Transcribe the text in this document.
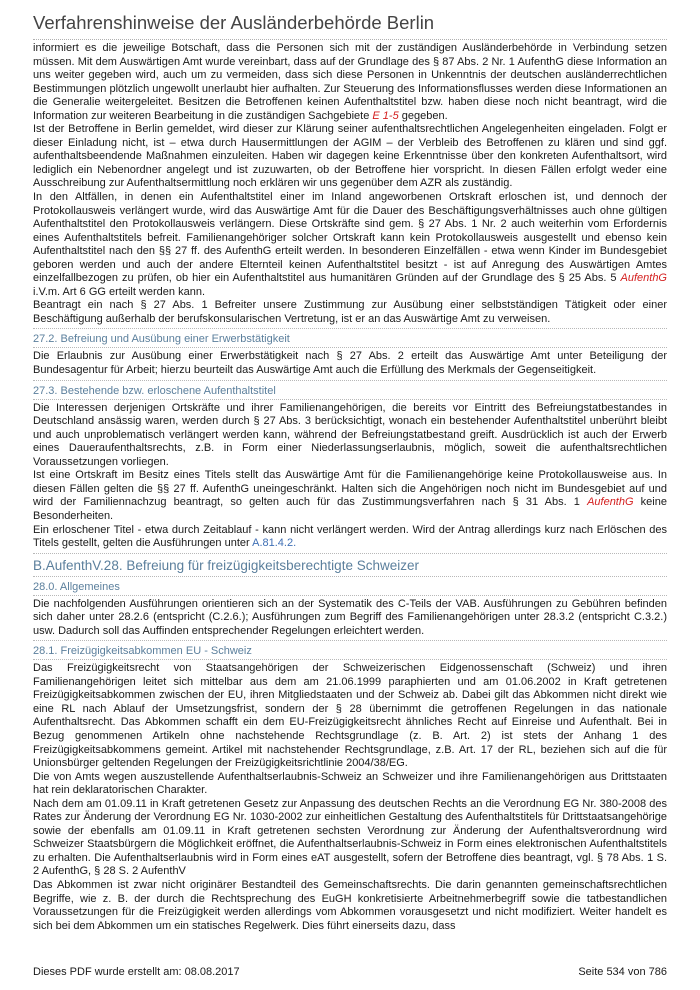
Verfahrenshinweise der Ausländerbehörde Berlin

informiert es die jeweilige Botschaft, dass die Personen sich mit der zuständigen Ausländerbehörde in Verbindung setzen müssen. Mit dem Auswärtigen Amt wurde vereinbart, dass auf der Grundlage des § 87 Abs. 2 Nr. 1 AufenthG diese Information an uns weiter gegeben wird, auch um zu vermeiden, dass sich diese Personen in Unkenntnis der deutschen ausländerrechtlichen Bestimmungen plötzlich ungewollt unerlaubt hier aufhalten. Zur Steuerung des Informationsflusses werden diese Informationen an die Generalie weitergeleitet. Besitzen die Betroffenen keinen Aufenthaltstitel bzw. haben diese noch nicht beantragt, wird die Information zur weiteren Bearbeitung in die zuständigen Sachgebiete E 1-5 gegeben.

Ist der Betroffene in Berlin gemeldet, wird dieser zur Klärung seiner aufenthaltsrechtlichen Angelegenheiten eingeladen. Folgt er dieser Einladung nicht, ist – etwa durch Hausermittlungen der AGIM – der Verbleib des Betroffenen zu klären und sind ggf. aufenthaltsbeendende Maßnahmen einzuleiten. Haben wir dagegen keine Erkenntnisse über den konkreten Aufenthaltsort, wird lediglich ein Nebenordner angelegt und ist zuzuwarten, ob der Betroffene hier vorspricht. In diesen Fällen erfolgt weder eine Ausschreibung zur Aufenthaltsermittlung noch erklären wir uns gegenüber dem AZR als zuständig.

In den Altfällen, in denen ein Aufenthaltstitel einer im Inland angeworbenen Ortskraft erloschen ist, und dennoch der Protokollausweis verlängert wurde, wird das Auswärtige Amt für die Dauer des Beschäftigungsverhältnisses auch ohne gültigen Aufenthaltstitel den Protokollausweis verlängern. Diese Ortskräfte sind gem. § 27 Abs. 1 Nr. 2 auch weiterhin vom Erfordernis eines Aufenthaltstitels befreit. Familienangehöriger solcher Ortskraft kann kein Protokollausweis ausgestellt und ebenso kein Aufenthaltstitel nach den §§ 27 ff. des AufenthG erteilt werden. In besonderen Einzelfällen - etwa wenn Kinder im Bundesgebiet geboren werden und auch der andere Elternteil keinen Aufenthaltstitel besitzt - ist auf Anregung des Auswärtigen Amtes einzelfallbezogen zu prüfen, ob hier ein Aufenthaltstitel aus humanitären Gründen auf der Grundlage des § 25 Abs. 5 AufenthG i.V.m. Art 6 GG erteilt werden kann.

Beantragt ein nach § 27 Abs. 1 Befreiter unsere Zustimmung zur Ausübung einer selbstständigen Tätigkeit oder einer Beschäftigung außerhalb der berufskonsularischen Vertretung, ist er an das Auswärtige Amt zu verweisen.

27.2. Befreiung und Ausübung einer Erwerbstätigkeit

Die Erlaubnis zur Ausübung einer Erwerbstätigkeit nach § 27 Abs. 2 erteilt das Auswärtige Amt unter Beteiligung der Bundesagentur für Arbeit; hierzu beurteilt das Auswärtige Amt auch die Erfüllung des Merkmals der Gegenseitigkeit.

27.3. Bestehende bzw. erloschene Aufenthaltstitel

Die Interessen derjenigen Ortskräfte und ihrer Familienangehörigen, die bereits vor Eintritt des Befreiungstatbestandes in Deutschland ansässig waren, werden durch § 27 Abs. 3 berücksichtigt, wonach ein bestehender Aufenthaltstitel unberührt bleibt und auch unproblematisch verlängert werden kann, während der Befreiungstatbestand greift. Ausdrücklich ist auch der Erwerb eines Daueraufenthaltsrechts, z.B. in Form einer Niederlassungserlaubnis, möglich, soweit die aufenthaltsrechtlichen Voraussetzungen vorliegen.

Ist eine Ortskraft im Besitz eines Titels stellt das Auswärtige Amt für die Familienangehörige keine Protokollausweise aus. In diesen Fällen gelten die §§ 27 ff. AufenthG uneingeschränkt. Halten sich die Angehörigen noch nicht im Bundesgebiet auf und wird der Familiennachzug beantragt, so gelten auch für das Zustimmungsverfahren nach § 31 Abs. 1 AufenthG keine Besonderheiten.

Ein erloschener Titel - etwa durch Zeitablauf - kann nicht verlängert werden. Wird der Antrag allerdings kurz nach Erlöschen des Titels gestellt, gelten die Ausführungen unter A.81.4.2.

B.AufenthV.28. Befreiung für freizügigkeitsberechtigte Schweizer
28.0. Allgemeines

Die nachfolgenden Ausführungen orientieren sich an der Systematik des C-Teils der VAB. Ausführungen zu Gebühren befinden sich daher unter 28.2.6 (entspricht (C.2.6.); Ausführungen zum Begriff des Familienangehörigen unter 28.3.2 (entspricht C.3.2.) usw. Dadurch soll das Auffinden entsprechender Regelungen erleichtert werden.

28.1. Freizügigkeitsabkommen EU - Schweiz

Das Freizügigkeitsrecht von Staatsangehörigen der Schweizerischen Eidgenossenschaft (Schweiz) und ihren Familienangehörigen leitet sich mittelbar aus dem am 21.06.1999 paraphierten und am 01.06.2002 in Kraft getretenen Freizügigkeitsabkommen zwischen der EU, ihren Mitgliedstaaten und der Schweiz ab. Dabei gilt das Abkommen nicht direkt wie eine RL nach Ablauf der Umsetzungsfrist, sondern der § 28 übernimmt die getroffenen Regelungen in das nationale Aufenthaltsrecht. Das Abkommen schafft ein dem EU-Freizügigkeitsrecht ähnliches Recht auf Einreise und Aufenthalt. Bei in Bezug genommenen Artikeln ohne nachstehende Rechtsgrundlage (z. B. Art. 2) ist stets der Anhang 1 des Freizügigkeitsabkommens gemeint. Artikel mit nachstehender Rechtsgrundlage, z.B. Art. 17 der RL, beziehen sich auf die für Unionsbürger geltenden Regelungen der Freizügigkeitsrichtlinie 2004/38/EG.

Die von Amts wegen auszustellende Aufenthaltserlaubnis-Schweiz an Schweizer und ihre Familienangehörigen aus Drittstaaten hat rein deklaratorischen Charakter.

Nach dem am 01.09.11 in Kraft getretenen Gesetz zur Anpassung des deutschen Rechts an die Verordnung EG Nr. 380-2008 des Rates zur Änderung der Verordnung EG Nr. 1030-2002 zur einheitlichen Gestaltung des Aufenthaltstitels für Drittstaatsangehörige sowie der ebenfalls am 01.09.11 in Kraft getretenen sechsten Verordnung zur Änderung der Aufenthaltsverordnung wird Schweizer Staatsbürgern die Möglichkeit eröffnet, die Aufenthaltserlaubnis-Schweiz in Form eines elektronischen Aufenthaltstitels zu erhalten. Die Aufenthaltserlaubnis wird in Form eines eAT ausgestellt, sofern der Betroffene dies beantragt, vgl. § 78 Abs. 1 S. 2 AufenthG, § 28 S. 2 AufenthV

Das Abkommen ist zwar nicht originärer Bestandteil des Gemeinschaftsrechts. Die darin genannten gemeinschaftsrechtlichen Begriffe, wie z. B. der durch die Rechtsprechung des EuGH konkretisierte Arbeitnehmerbegriff sowie die tatbestandlichen Voraussetzungen für die Freizügigkeit werden allerdings vom Abkommen vorausgesetzt und nicht modifiziert. Weiter handelt es sich bei dem Abkommen um ein statisches Regelwerk. Dies führt einerseits dazu, dass

Dieses PDF wurde erstellt am: 08.08.2017	Seite 534 von 786
